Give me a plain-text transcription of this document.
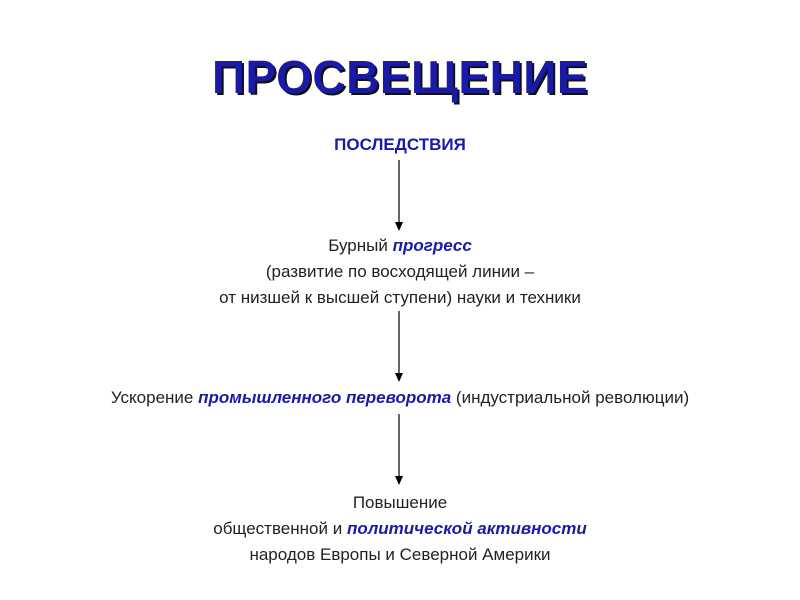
ПРОСВЕЩЕНИЕ
ПОСЛЕДСТВИЯ
Бурный прогресс
(развитие по восходящей линии –
от низшей к высшей ступени) науки и техники
Ускорение промышленного переворота (индустриальной революции)
Повышение
общественной и политической активности
народов Европы и Северной Америки
